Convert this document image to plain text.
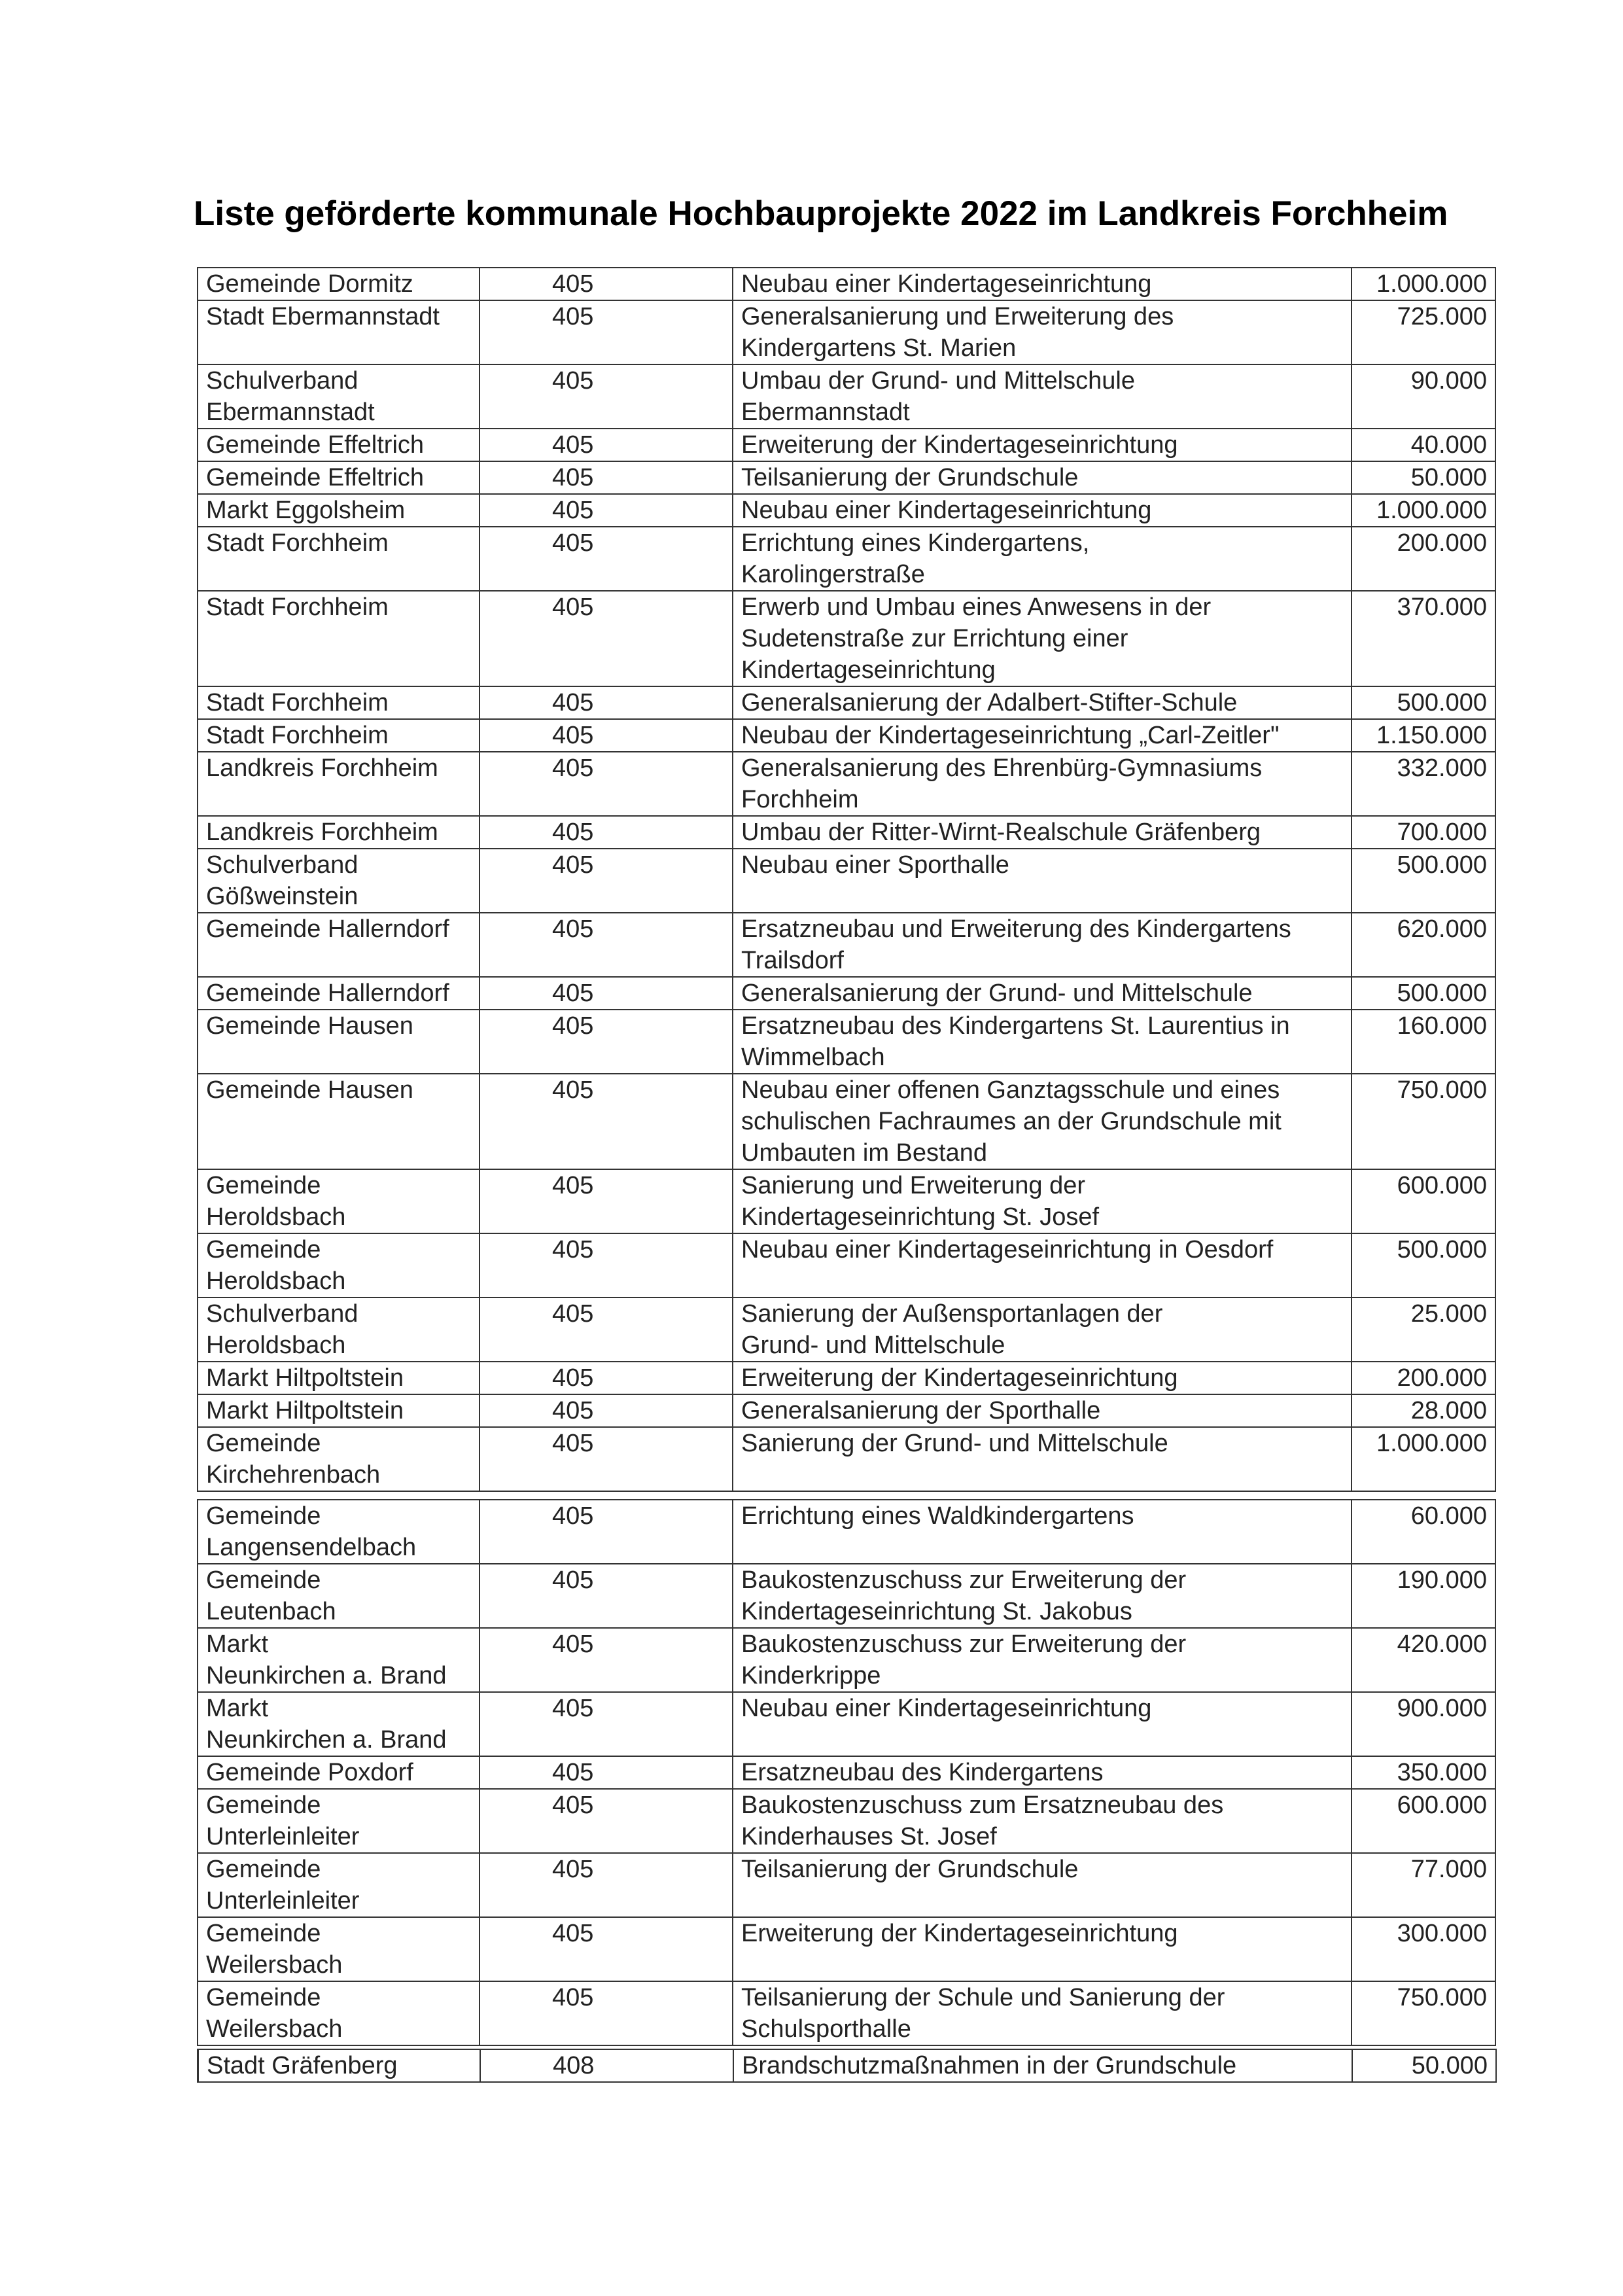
Liste geförderte kommunale Hochbauprojekte 2022 im Landkreis Forchheim
Gemeinde Dormitz	405	Neubau einer Kindertageseinrichtung	1.000.000
Stadt Ebermannstadt	405	Generalsanierung und Erweiterung des
Kindergartens St. Marien	725.000
Schulverband
Ebermannstadt	405	Umbau der Grund- und Mittelschule
Ebermannstadt	90.000
Gemeinde Effeltrich	405	Erweiterung der Kindertageseinrichtung	40.000
Gemeinde Effeltrich	405	Teilsanierung der Grundschule	50.000
Markt Eggolsheim	405	Neubau einer Kindertageseinrichtung	1.000.000
Stadt Forchheim	405	Errichtung eines Kindergartens,
Karolingerstraße	200.000
Stadt Forchheim	405	Erwerb und Umbau eines Anwesens in der
Sudetenstraße zur Errichtung einer
Kindertageseinrichtung	370.000
Stadt Forchheim	405	Generalsanierung der Adalbert-Stifter-Schule	500.000
Stadt Forchheim	405	Neubau der Kindertageseinrichtung „Carl-Zeitler"	1.150.000
Landkreis Forchheim	405	Generalsanierung des Ehrenbürg-Gymnasiums
Forchheim	332.000
Landkreis Forchheim	405	Umbau der Ritter-Wirnt-Realschule Gräfenberg	700.000
Schulverband
Gößweinstein	405	Neubau einer Sporthalle	500.000
Gemeinde Hallerndorf	405	Ersatzneubau und Erweiterung des Kindergartens
Trailsdorf	620.000
Gemeinde Hallerndorf	405	Generalsanierung der Grund- und Mittelschule	500.000
Gemeinde Hausen	405	Ersatzneubau des Kindergartens St. Laurentius in
Wimmelbach	160.000
Gemeinde Hausen	405	Neubau einer offenen Ganztagsschule und eines
schulischen Fachraumes an der Grundschule mit
Umbauten im Bestand	750.000
Gemeinde
Heroldsbach	405	Sanierung und Erweiterung der
Kindertageseinrichtung St. Josef	600.000
Gemeinde
Heroldsbach	405	Neubau einer Kindertageseinrichtung in Oesdorf	500.000
Schulverband
Heroldsbach	405	Sanierung der Außensportanlagen der
Grund- und Mittelschule	25.000
Markt Hiltpoltstein	405	Erweiterung der Kindertageseinrichtung	200.000
Markt Hiltpoltstein	405	Generalsanierung der Sporthalle	28.000
Gemeinde
Kirchehrenbach	405	Sanierung der Grund- und Mittelschule	1.000.000
Gemeinde
Langensendelbach	405	Errichtung eines Waldkindergartens	60.000
Gemeinde
Leutenbach	405	Baukostenzuschuss zur Erweiterung der
Kindertageseinrichtung St. Jakobus	190.000
Markt
Neunkirchen a. Brand	405	Baukostenzuschuss zur Erweiterung der
Kinderkrippe	420.000
Markt
Neunkirchen a. Brand	405	Neubau einer Kindertageseinrichtung	900.000
Gemeinde Poxdorf	405	Ersatzneubau des Kindergartens	350.000
Gemeinde
Unterleinleiter	405	Baukostenzuschuss zum Ersatzneubau des
Kinderhauses St. Josef	600.000
Gemeinde
Unterleinleiter	405	Teilsanierung der Grundschule	77.000
Gemeinde
Weilersbach	405	Erweiterung der Kindertageseinrichtung	300.000
Gemeinde
Weilersbach	405	Teilsanierung der Schule und Sanierung der
Schulsporthalle	750.000
Stadt Gräfenberg	408	Brandschutzmaßnahmen in der Grundschule	50.000
